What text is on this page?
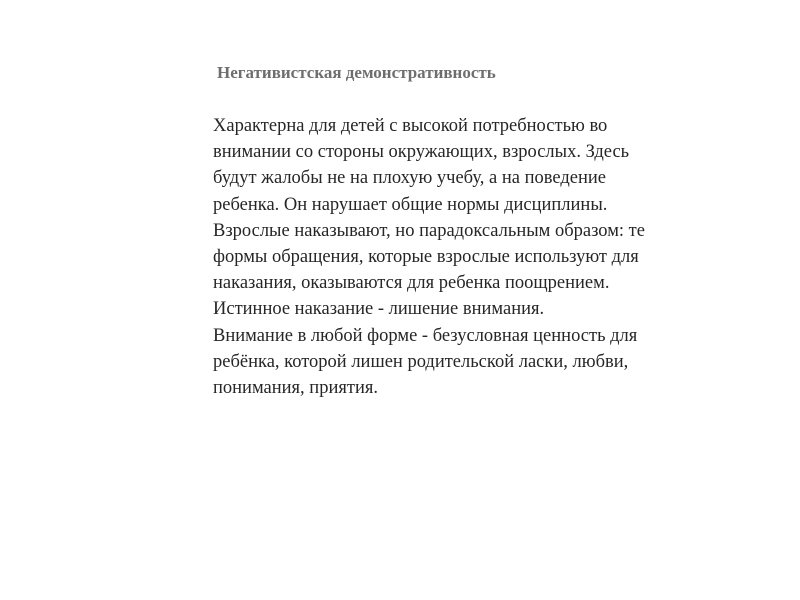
Негативистская демонстративность
Характерна для детей с высокой потребностью во
внимании со стороны окружающих, взрослых. Здесь
будут жалобы не на плохую учебу, а на поведение
ребенка. Он нарушает общие нормы дисциплины.
Взрослые наказывают, но парадоксальным образом: те
формы обращения, которые взрослые используют для
наказания, оказываются для ребенка поощрением.
Истинное наказание - лишение внимания.
Внимание в любой форме - безусловная ценность для
ребёнка, которой лишен родительской ласки, любви,
понимания, приятия.
